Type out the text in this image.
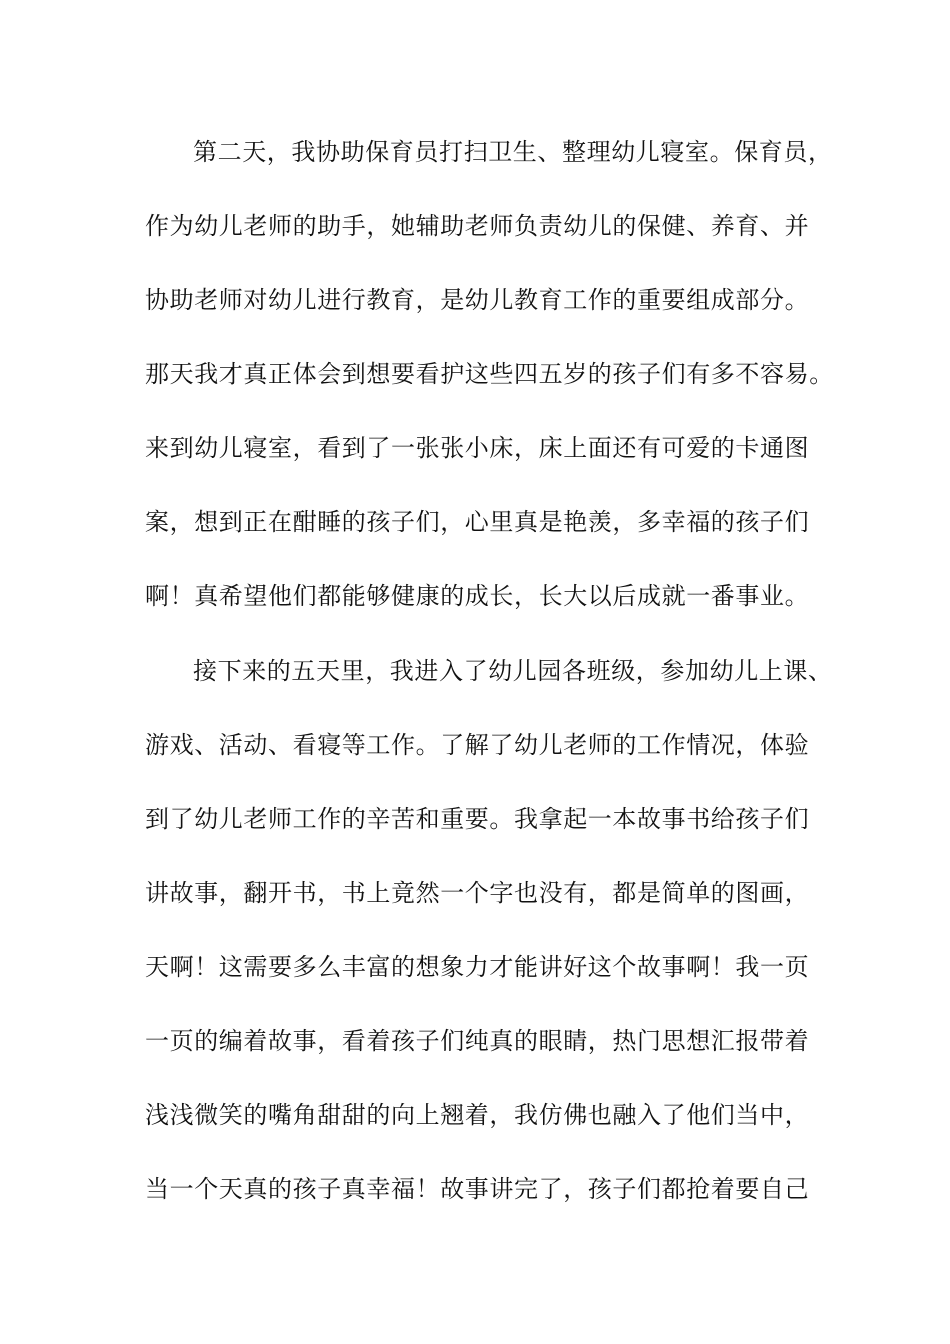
第二天，我协助保育员打扫卫生、整理幼儿寝室。保育员，

作为幼儿老师的助手，她辅助老师负责幼儿的保健、养育、并

协助老师对幼儿进行教育，是幼儿教育工作的重要组成部分。

那天我才真正体会到想要看护这些四五岁的孩子们有多不容易。

来到幼儿寝室，看到了一张张小床，床上面还有可爱的卡通图

案，想到正在酣睡的孩子们，心里真是艳羡，多幸福的孩子们

啊！真希望他们都能够健康的成长，长大以后成就一番事业。

接下来的五天里，我进入了幼儿园各班级，参加幼儿上课、

游戏、活动、看寝等工作。了解了幼儿老师的工作情况，体验

到了幼儿老师工作的辛苦和重要。我拿起一本故事书给孩子们

讲故事，翻开书，书上竟然一个字也没有，都是简单的图画，

天啊！这需要多么丰富的想象力才能讲好这个故事啊！我一页

一页的编着故事，看着孩子们纯真的眼睛，热门思想汇报带着

浅浅微笑的嘴角甜甜的向上翘着，我仿佛也融入了他们当中，

当一个天真的孩子真幸福！故事讲完了，孩子们都抢着要自己
